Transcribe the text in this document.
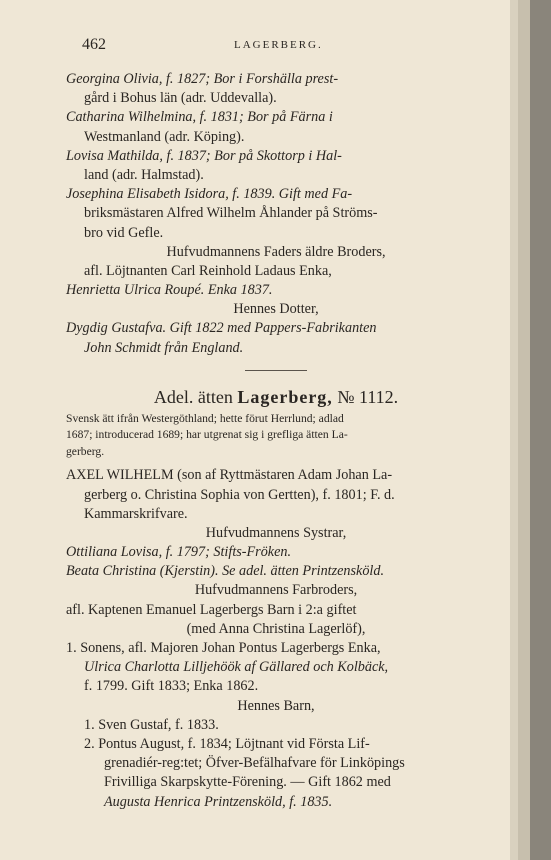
462	LAGERBERG.
Georgina Olivia, f. 1827; Bor i Forshälla prest-
gård i Bohus län (adr. Uddevalla).
Catharina Wilhelmina, f. 1831; Bor på Färna i
Westmanland (adr. Köping).
Lovisa Mathilda, f. 1837; Bor på Skottorp i Hal-
land (adr. Halmstad).
Josephina Elisabeth Isidora, f. 1839. Gift med Fa-
briksmästaren Alfred Wilhelm Åhlander på Ströms-
bro vid Gefle.
Hufvudmannens Faders äldre Broders,
afl. Löjtnanten Carl Reinhold Ladaus Enka,
Henrietta Ulrica Roupé. Enka 1837.
Hennes Dotter,
Dygdig Gustafva. Gift 1822 med Pappers-Fabrikanten
John Schmidt från England.
Adel. ätten Lagerberg, № 1112.
Svensk ätt ifrån Westergöthland; hette förut Herrlund; adlad
1687; introducerad 1689; har utgrenat sig i grefliga ätten La-
gerberg.
AXEL WILHELM (son af Ryttmästaren Adam Johan La-
gerberg o. Christina Sophia von Gertten), f. 1801; F. d.
Kammarskrifvare.
Hufvudmannens Systrar,
Ottiliana Lovisa, f. 1797; Stifts-Fröken.
Beata Christina (Kjerstin). Se adel. ätten Printzensköld.
Hufvudmannens Farbroders,
afl. Kaptenen Emanuel Lagerbergs Barn i 2:a giftet
(med Anna Christina Lagerlöf),
1. Sonens, afl. Majoren Johan Pontus Lagerbergs Enka,
Ulrica Charlotta Lilljehöök af Gällared och Kolbäck,
f. 1799. Gift 1833; Enka 1862.
Hennes Barn,
1. Sven Gustaf, f. 1833.
2. Pontus August, f. 1834; Löjtnant vid Första Lif-
grenadiér-reg:tet; Öfver-Befälhafvare för Linköpings
Frivilliga Skarpskytte-Förening. — Gift 1862 med
Augusta Henrica Printzensköld, f. 1835.
